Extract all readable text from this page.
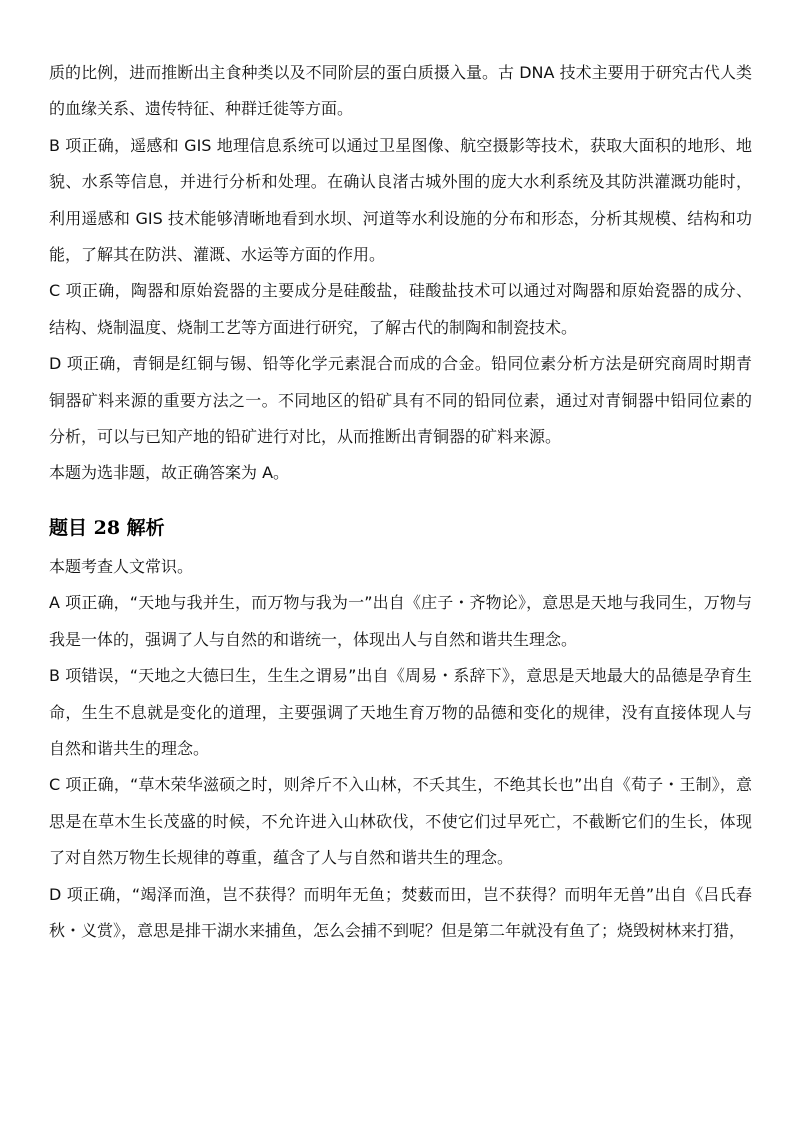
质的比例，进而推断出主食种类以及不同阶层的蛋白质摄入量。古 DNA 技术主要用于研究古代人类的血缘关系、遗传特征、种群迁徙等方面。

B 项正确，遥感和 GIS 地理信息系统可以通过卫星图像、航空摄影等技术，获取大面积的地形、地貌、水系等信息，并进行分析和处理。在确认良渚古城外围的庞大水利系统及其防洪灌溉功能时，利用遥感和 GIS 技术能够清晰地看到水坝、河道等水利设施的分布和形态，分析其规模、结构和功能，了解其在防洪、灌溉、水运等方面的作用。

C 项正确，陶器和原始瓷器的主要成分是硅酸盐，硅酸盐技术可以通过对陶器和原始瓷器的成分、结构、烧制温度、烧制工艺等方面进行研究，了解古代的制陶和制瓷技术。

D 项正确，青铜是红铜与锡、铅等化学元素混合而成的合金。铅同位素分析方法是研究商周时期青铜器矿料来源的重要方法之一。不同地区的铅矿具有不同的铅同位素，通过对青铜器中铅同位素的分析，可以与已知产地的铅矿进行对比，从而推断出青铜器的矿料来源。

本题为选非题，故正确答案为 A。

题目 28 解析

本题考查人文常识。

A 项正确，“天地与我并生，而万物与我为一”出自《庄子・齐物论》，意思是天地与我同生，万物与我是一体的，强调了人与自然的和谐统一，体现出人与自然和谐共生理念。

B 项错误，“天地之大德曰生，生生之谓易”出自《周易・系辞下》，意思是天地最大的品德是孕育生命，生生不息就是变化的道理，主要强调了天地生育万物的品德和变化的规律，没有直接体现人与自然和谐共生的理念。

C 项正确，“草木荣华滋硕之时，则斧斤不入山林，不夭其生，不绝其长也”出自《荀子・王制》，意思是在草木生长茂盛的时候，不允许进入山林砍伐，不使它们过早死亡，不截断它们的生长，体现了对自然万物生长规律的尊重，蕴含了人与自然和谐共生的理念。

D 项正确，“竭泽而渔，岂不获得？而明年无鱼；焚薮而田，岂不获得？而明年无兽”出自《吕氏春秋・义赏》，意思是排干湖水来捕鱼，怎么会捕不到呢？但是第二年就没有鱼了；烧毁树林来打猎，
